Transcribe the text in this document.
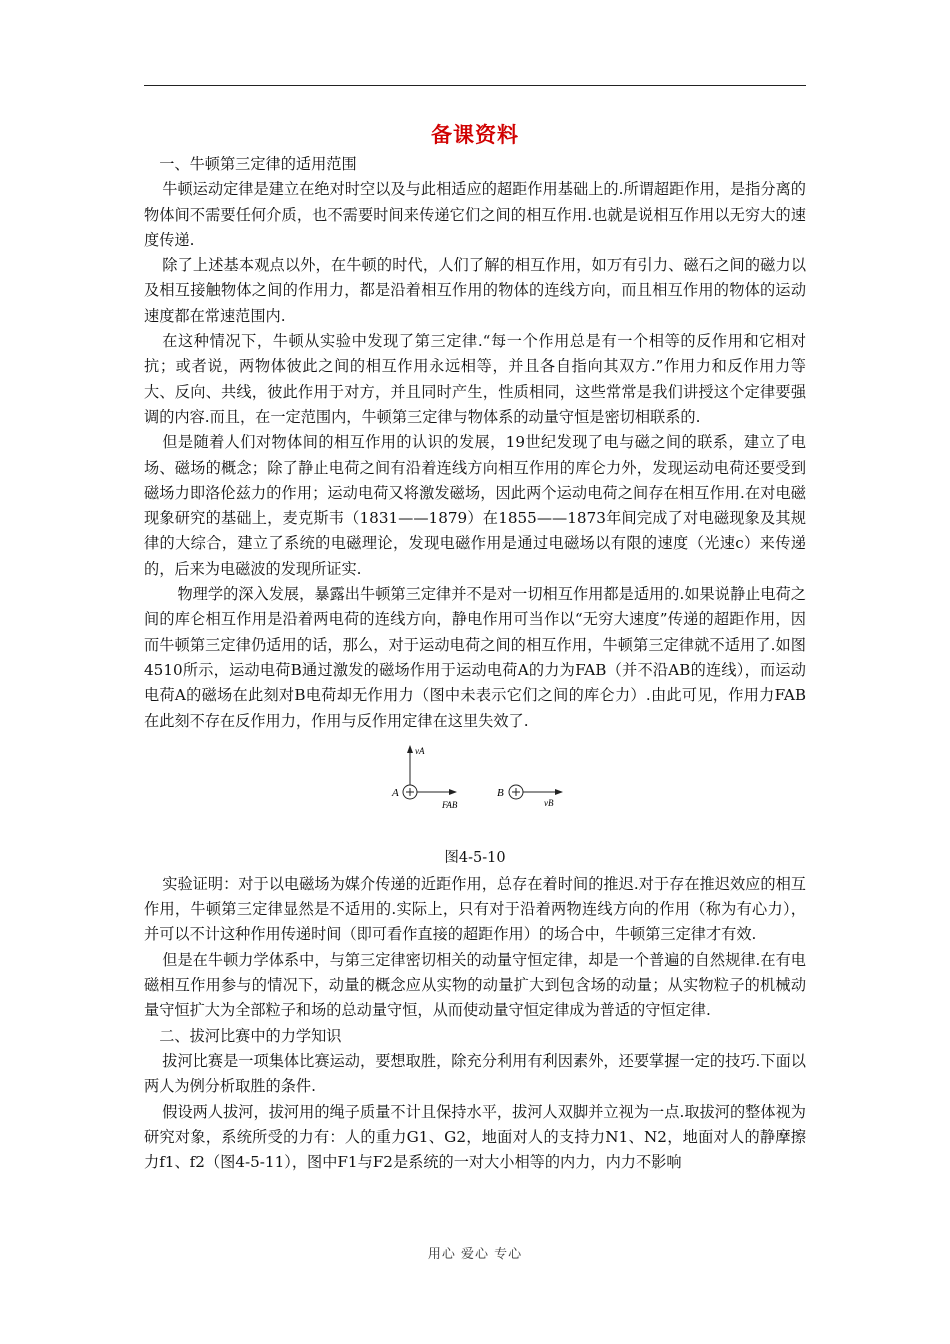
备课资料

一、牛顿第三定律的适用范围

牛顿运动定律是建立在绝对时空以及与此相适应的超距作用基础上的.所谓超距作用，是指分离的物体间不需要任何介质，也不需要时间来传递它们之间的相互作用.也就是说相互作用以无穷大的速度传递.

除了上述基本观点以外，在牛顿的时代，人们了解的相互作用，如万有引力、磁石之间的磁力以及相互接触物体之间的作用力，都是沿着相互作用的物体的连线方向，而且相互作用的物体的运动速度都在常速范围内.

在这种情况下，牛顿从实验中发现了第三定律.“每一个作用总是有一个相等的反作用和它相对抗；或者说，两物体彼此之间的相互作用永远相等，并且各自指向其双方.”作用力和反作用力等大、反向、共线，彼此作用于对方，并且同时产生，性质相同，这些常常是我们讲授这个定律要强调的内容.而且，在一定范围内，牛顿第三定律与物体系的动量守恒是密切相联系的.

但是随着人们对物体间的相互作用的认识的发展，19世纪发现了电与磁之间的联系，建立了电场、磁场的概念；除了静止电荷之间有沿着连线方向相互作用的库仑力外，发现运动电荷还要受到磁场力即洛伦兹力的作用；运动电荷又将激发磁场，因此两个运动电荷之间存在相互作用.在对电磁现象研究的基础上，麦克斯韦（1831——1879）在1855——1873年间完成了对电磁现象及其规律的大综合，建立了系统的电磁理论，发现电磁作用是通过电磁场以有限的速度（光速c）来传递的，后来为电磁波的发现所证实.

物理学的深入发展，暴露出牛顿第三定律并不是对一切相互作用都是适用的.如果说静止电荷之间的库仑相互作用是沿着两电荷的连线方向，静电作用可当作以“无穷大速度”传递的超距作用，因而牛顿第三定律仍适用的话，那么，对于运动电荷之间的相互作用，牛顿第三定律就不适用了.如图4510所示，运动电荷B通过激发的磁场作用于运动电荷A的力为FAB（并不沿AB的连线），而运动电荷A的磁场在此刻对B电荷却无作用力（图中未表示它们之间的库仑力）.由此可见，作用力FAB在此刻不存在反作用力，作用与反作用定律在这里失效了.

A	B
vA
vB
FAB
图4-5-10

实验证明：对于以电磁场为媒介传递的近距作用，总存在着时间的推迟.对于存在推迟效应的相互作用，牛顿第三定律显然是不适用的.实际上，只有对于沿着两物连线方向的作用（称为有心力），并可以不计这种作用传递时间（即可看作直接的超距作用）的场合中，牛顿第三定律才有效.

但是在牛顿力学体系中，与第三定律密切相关的动量守恒定律，却是一个普遍的自然规律.在有电磁相互作用参与的情况下，动量的概念应从实物的动量扩大到包含场的动量；从实物粒子的机械动量守恒扩大为全部粒子和场的总动量守恒，从而使动量守恒定律成为普适的守恒定律.

二、拔河比赛中的力学知识

拔河比赛是一项集体比赛运动，要想取胜，除充分利用有利因素外，还要掌握一定的技巧.下面以两人为例分析取胜的条件.

假设两人拔河，拔河用的绳子质量不计且保持水平，拔河人双脚并立视为一点.取拔河的整体视为研究对象，系统所受的力有：人的重力G1、G2，地面对人的支持力N1、N2，地面对人的静摩擦力f1、f2（图4-5-11），图中F1与F2是系统的一对大小相等的内力，内力不影响

用心 爱心 专心
